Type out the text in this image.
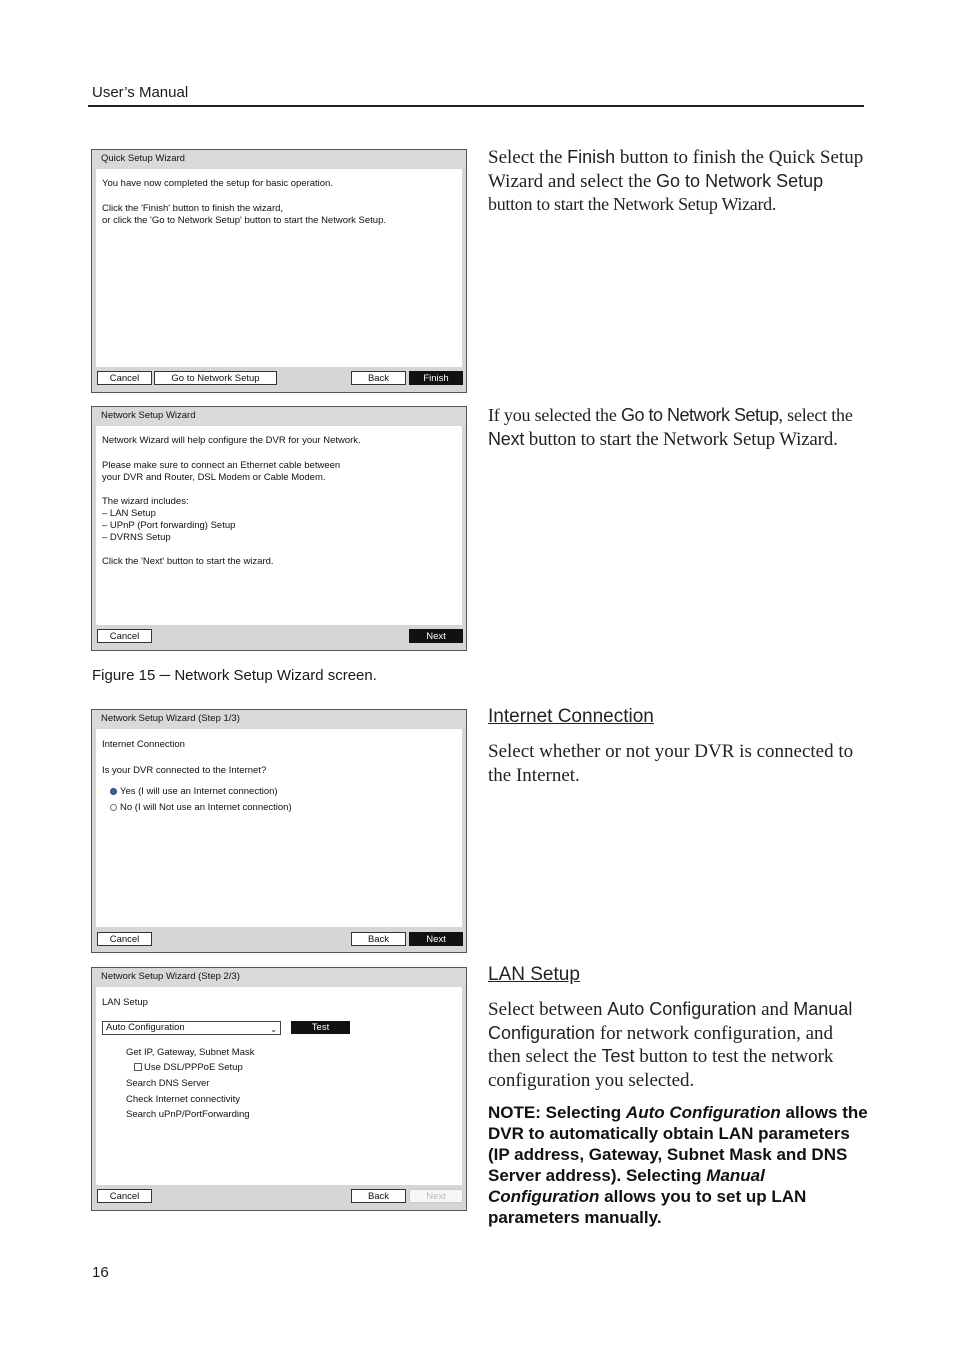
User’s Manual
Quick Setup Wizard
You have now completed the setup for basic operation.
Click the 'Finish' button to finish the wizard,
or click the 'Go to Network Setup' button to start the Network Setup.
Cancel	Go to Network Setup	Back	Finish
Select the Finish button to finish the Quick Setup Wizard and select the Go to Network Setup button to start the Network Setup Wizard.
Network Setup Wizard
Network Wizard will help configure the DVR for your Network.
Please make sure to connect an Ethernet cable between
your DVR and Router, DSL Modem or Cable Modem.
The wizard includes:
– LAN Setup
– UPnP (Port forwarding) Setup
– DVRNS Setup
Click the 'Next' button to start the wizard.
Cancel	Next
If you selected the Go to Network Setup, select the Next button to start the Network Setup Wizard.
Figure 15 ─ Network Setup Wizard screen.
Network Setup Wizard (Step 1/3)
Internet Connection
Is your DVR connected to the Internet?
Yes (I will use an Internet connection)
No (I will Not use an Internet connection)
Cancel	Back	Next
Internet Connection
Select whether or not your DVR is connected to the Internet.
Network Setup Wizard (Step 2/3)
LAN Setup
Auto Configuration	⌄	Test
Get IP, Gateway, Subnet Mask
Use DSL/PPPoE Setup
Search DNS Server
Check Internet connectivity
Search uPnP/PortForwarding
Cancel	Back	Next
LAN Setup
Select between Auto Configuration and Manual Configuration for network configuration, and then select the Test button to test the network configuration you selected.
NOTE: Selecting Auto Configuration allows the DVR to automatically obtain LAN parameters (IP address, Gateway, Subnet Mask and DNS Server address). Selecting Manual Configuration allows you to set up LAN parameters manually.
16
